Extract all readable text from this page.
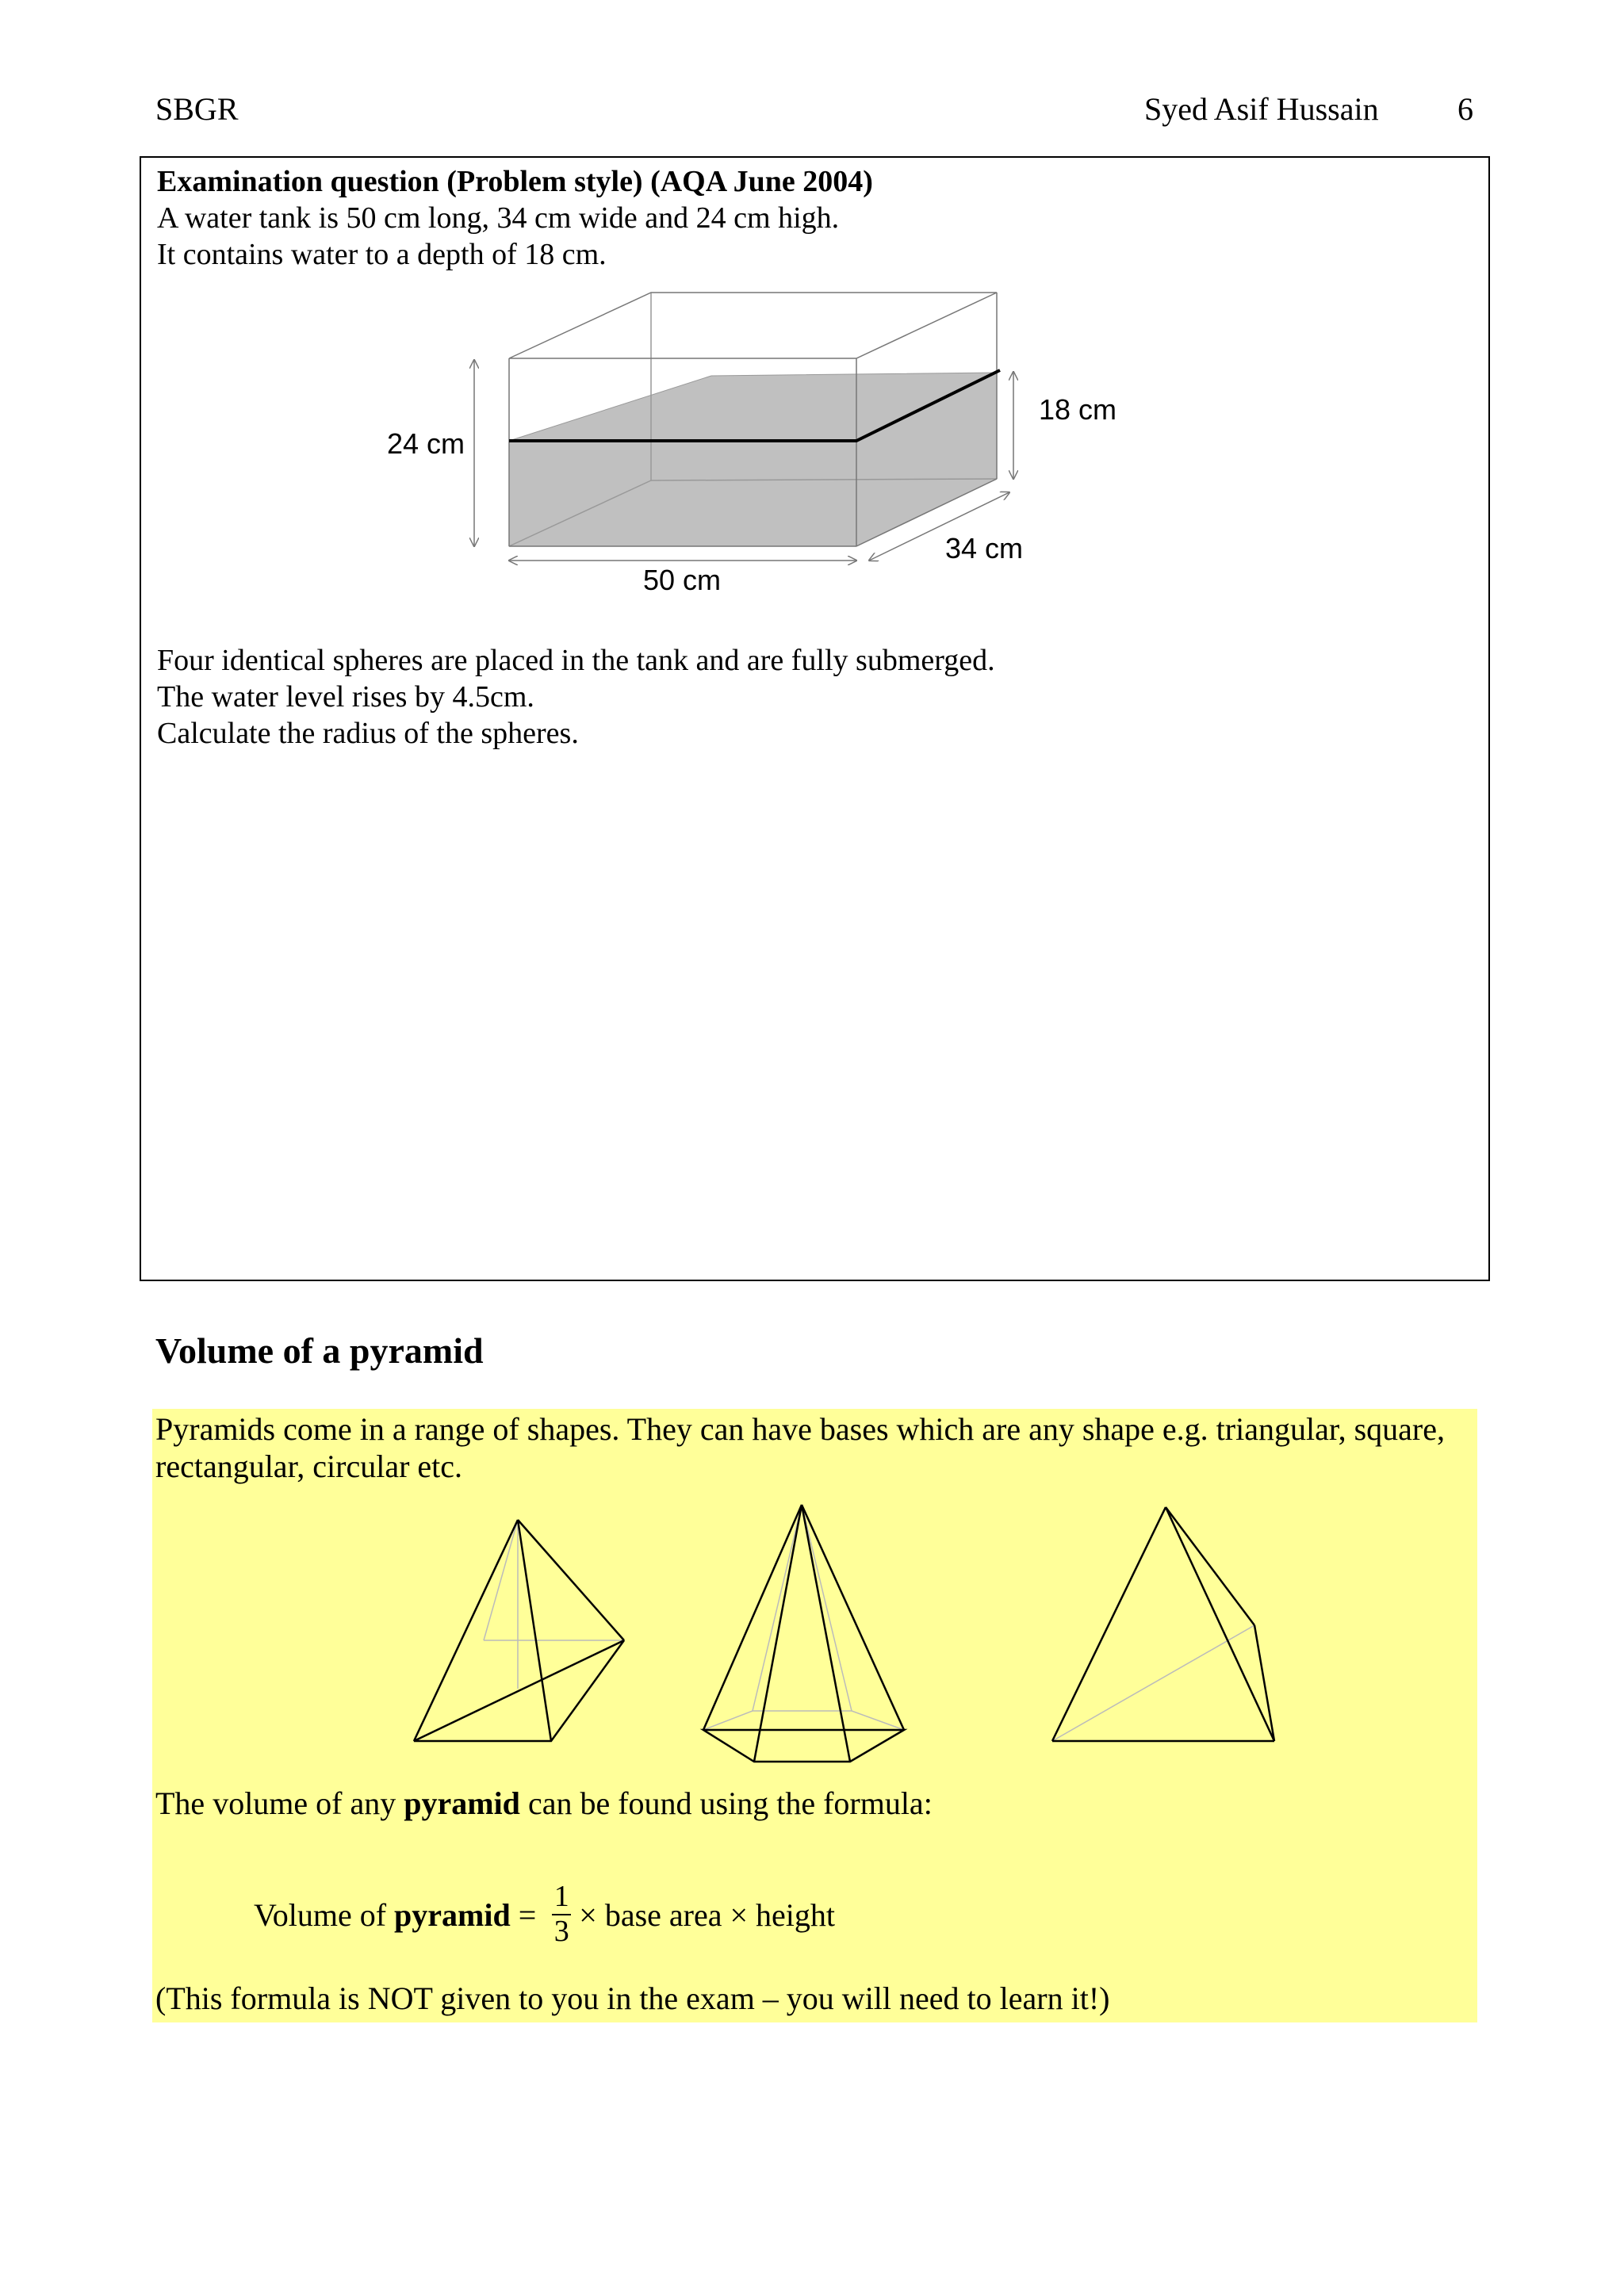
SBGR	Syed Asif Hussain 6
Examination question (Problem style) (AQA June 2004)
A water tank is 50 cm long, 34 cm wide and 24 cm high.
It contains water to a depth of 18 cm.
24 cm
18 cm
34 cm
50 cm
Four identical spheres are placed in the tank and are fully submerged.
The water level rises by 4.5cm.
Calculate the radius of the spheres.
Volume of a pyramid
Pyramids come in a range of shapes. They can have bases which are any shape e.g. triangular, square, rectangular, circular etc.
The volume of any pyramid can be found using the formula:
Volume of pyramid = $\frac{1}{3}$ × base area × height
(This formula is NOT given to you in the exam – you will need to learn it!)
